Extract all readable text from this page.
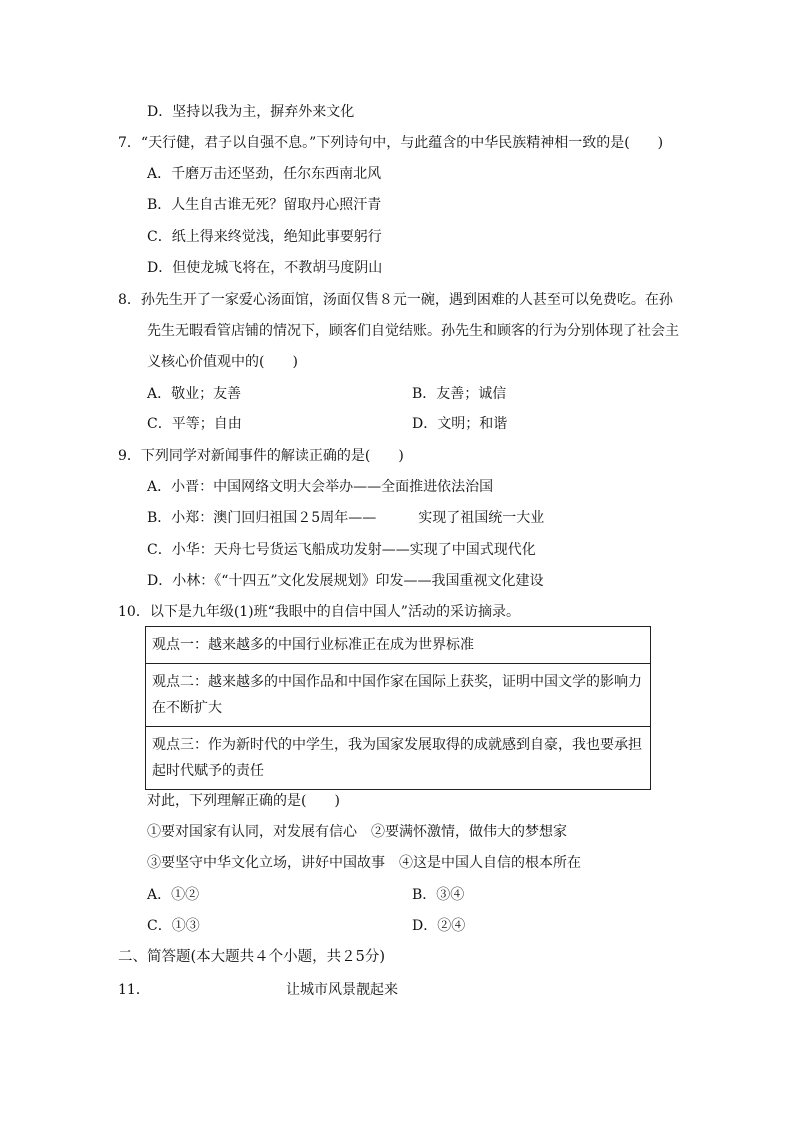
D．坚持以我为主，摒弃外来文化
7．“天行健，君子以自强不息。”下列诗句中，与此蕴含的中华民族精神相一致的是(　　)
A．千磨万击还坚劲，任尔东西南北风
B．人生自古谁无死？留取丹心照汗青
C．纸上得来终觉浅，绝知此事要躬行
D．但使龙城飞将在，不教胡马度阴山
8．孙先生开了一家爱心汤面馆，汤面仅售８元一碗，遇到困难的人甚至可以免费吃。在孙
先生无暇看管店铺的情况下，顾客们自觉结账。孙先生和顾客的行为分别体现了社会主
义核心价值观中的(　　)
A．敬业；友善	B．友善；诚信
C．平等；自由	D．文明；和谐
9．下列同学对新闻事件的解读正确的是(　　)
A．小晋：中国网络文明大会举办——全面推进依法治国
B．小郑：澳门回归祖国２5周年——　　　实现了祖国统一大业
C．小华：天舟七号货运飞船成功发射——实现了中国式现代化
D．小林：《“十四五”文化发展规划》印发——我国重视文化建设
10．以下是九年级(1)班“我眼中的自信中国人”活动的采访摘录。
观点一：越来越多的中国行业标准正在成为世界标准
观点二：越来越多的中国作品和中国作家在国际上获奖，证明中国文学的影响力在不断扩大
观点三：作为新时代的中学生，我为国家发展取得的成就感到自豪，我也要承担起时代赋予的责任
对此，下列理解正确的是(　　)
①要对国家有认同，对发展有信心　②要满怀激情，做伟大的梦想家
③要坚守中华文化立场，讲好中国故事　④这是中国人自信的根本所在
A．①②	B．③④
C．①③	D．②④
二、简答题(本大题共４个小题，共２5分)
11．	让城市风景靓起来
